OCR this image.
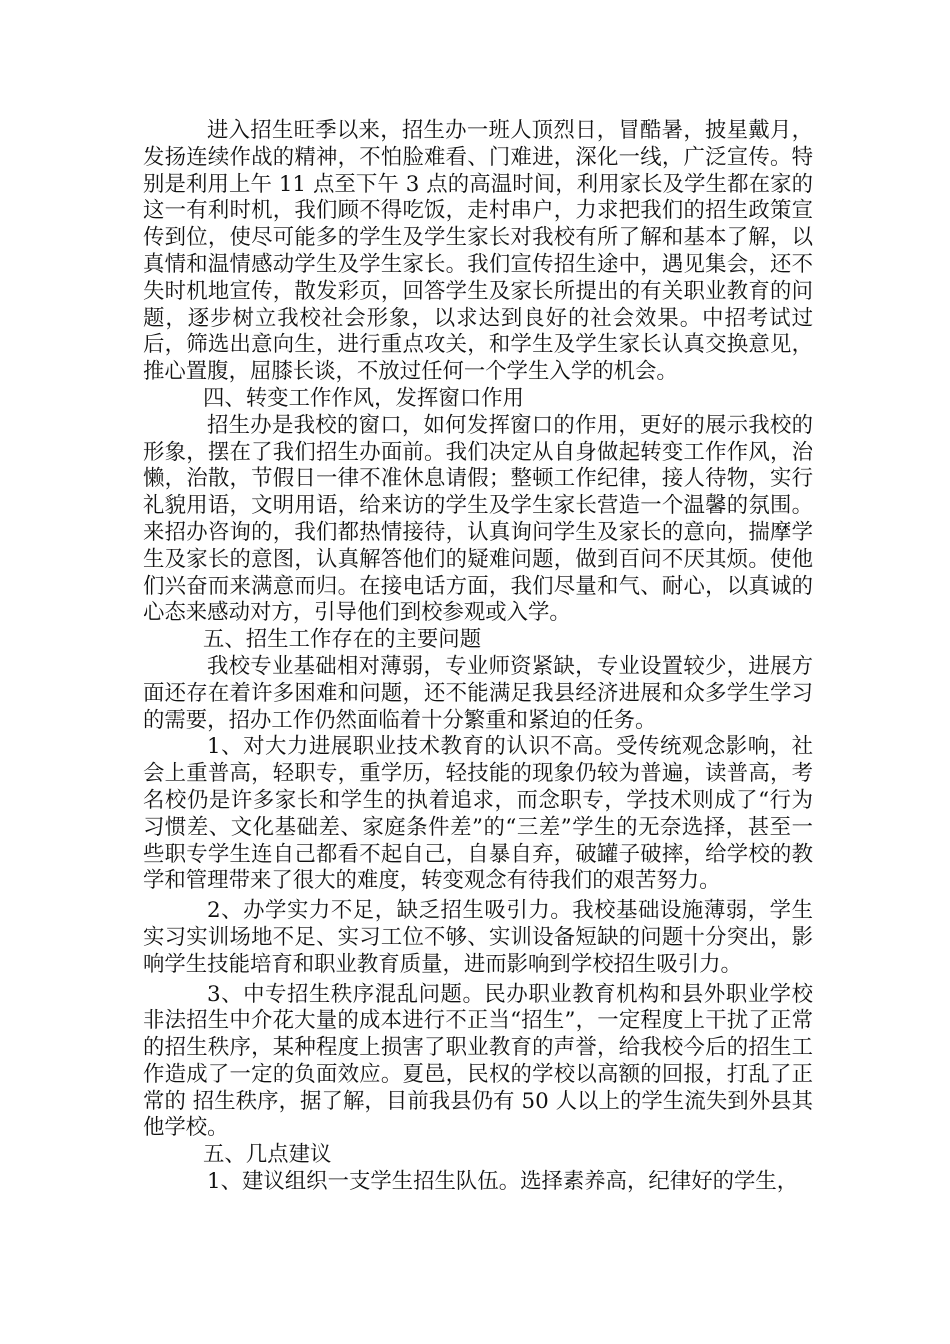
进入招生旺季以来，招生办一班人顶烈日，冒酷暑，披星戴月，发扬连续作战的精神，不怕脸难看、门难进，深化一线，广泛宣传。特别是利用上午 11 点至下午 3 点的高温时间，利用家长及学生都在家的这一有利时机，我们顾不得吃饭，走村串户，力求把我们的招生政策宣传到位，使尽可能多的学生及学生家长对我校有所了解和基本了解，以真情和温情感动学生及学生家长。我们宣传招生途中，遇见集会，还不失时机地宣传，散发彩页，回答学生及家长所提出的有关职业教育的问题，逐步树立我校社会形象，以求达到良好的社会效果。中招考试过后，筛选出意向生，进行重点攻关，和学生及学生家长认真交换意见，推心置腹，屈膝长谈，不放过任何一个学生入学的机会。

四、转变工作作风，发挥窗口作用

招生办是我校的窗口，如何发挥窗口的作用，更好的展示我校的形象，摆在了我们招生办面前。我们决定从自身做起转变工作作风，治懒，治散，节假日一律不准休息请假；整顿工作纪律，接人待物，实行礼貌用语，文明用语，给来访的学生及学生家长营造一个温馨的氛围。来招办咨询的，我们都热情接待，认真询问学生及家长的意向，揣摩学生及家长的意图，认真解答他们的疑难问题，做到百问不厌其烦。使他们兴奋而来满意而归。在接电话方面，我们尽量和气、耐心，以真诚的心态来感动对方，引导他们到校参观或入学。

五、招生工作存在的主要问题

我校专业基础相对薄弱，专业师资紧缺，专业设置较少，进展方面还存在着许多困难和问题，还不能满足我县经济进展和众多学生学习的需要，招办工作仍然面临着十分繁重和紧迫的任务。

1、对大力进展职业技术教育的认识不高。受传统观念影响，社会上重普高，轻职专，重学历，轻技能的现象仍较为普遍，读普高，考名校仍是许多家长和学生的执着追求，而念职专，学技术则成了“行为习惯差、文化基础差、家庭条件差”的“三差”学生的无奈选择，甚至一些职专学生连自己都看不起自己，自暴自弃，破罐子破摔，给学校的教学和管理带来了很大的难度，转变观念有待我们的艰苦努力。

2、办学实力不足，缺乏招生吸引力。我校基础设施薄弱，学生实习实训场地不足、实习工位不够、实训设备短缺的问题十分突出，影响学生技能培育和职业教育质量，进而影响到学校招生吸引力。

3、中专招生秩序混乱问题。民办职业教育机构和县外职业学校非法招生中介花大量的成本进行不正当“招生”，一定程度上干扰了正常的招生秩序，某种程度上损害了职业教育的声誉，给我校今后的招生工作造成了一定的负面效应。夏邑，民权的学校以高额的回报，打乱了正常的 招生秩序，据了解，目前我县仍有 50 人以上的学生流失到外县其他学校。

五、几点建议

1、建议组织一支学生招生队伍。选择素养高，纪律好的学生，
